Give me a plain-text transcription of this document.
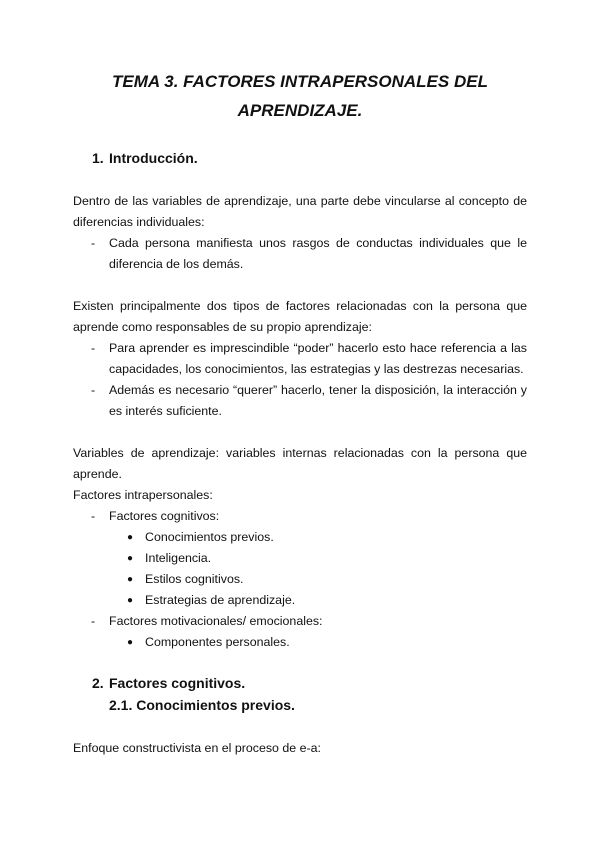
TEMA 3. FACTORES INTRAPERSONALES DEL
APRENDIZAJE.
1. Introducción.

Dentro de las variables de aprendizaje, una parte debe vincularse al concepto de diferencias individuales:

- Cada persona manifiesta unos rasgos de conductas individuales que le diferencia de los demás.

Existen principalmente dos tipos de factores relacionadas con la persona que aprende como responsables de su propio aprendizaje:

- Para aprender es imprescindible “poder” hacerlo esto hace referencia a las capacidades, los conocimientos, las estrategias y las destrezas necesarias.

- Además es necesario “querer” hacerlo, tener la disposición, la interacción y es interés suficiente.

Variables de aprendizaje: variables internas relacionadas con la persona que aprende.

Factores intrapersonales:

- Factores cognitivos:

● Conocimientos previos.

● Inteligencia.

● Estilos cognitivos.

● Estrategias de aprendizaje.

- Factores motivacionales/ emocionales:

● Componentes personales.

2. Factores cognitivos.
2.1. Conocimientos previos.

Enfoque constructivista en el proceso de e-a:
